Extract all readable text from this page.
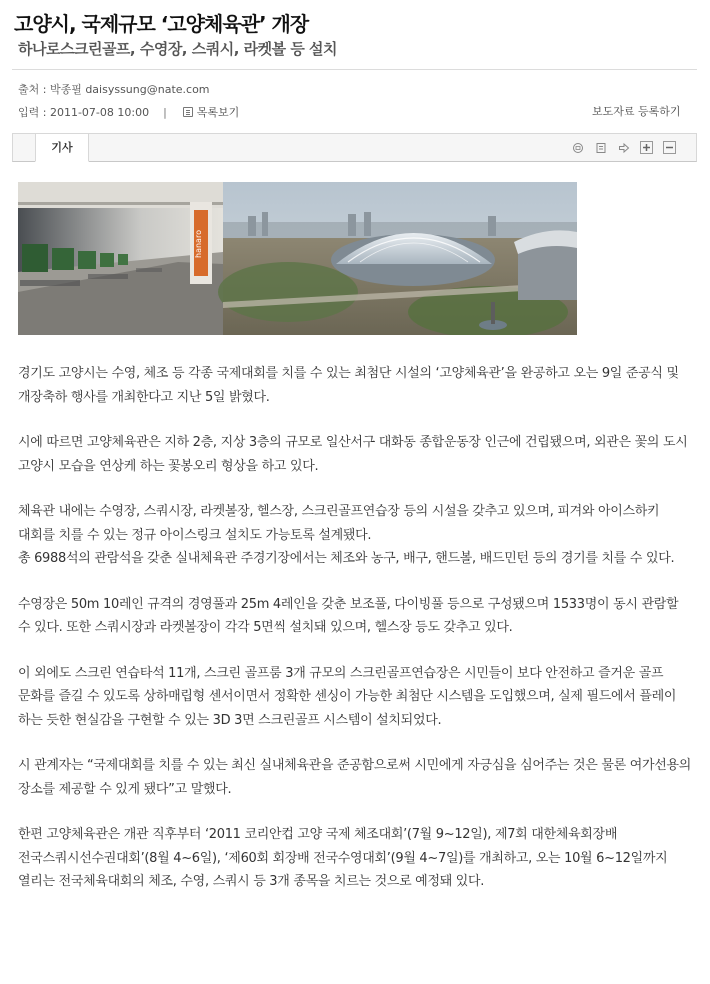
고양시, 국제규모 ‘고양체육관’ 개장
하나로스크린골프, 수영장, 스쿼시, 라켓볼 등 설치
출처 : 박종필 daisyssung@nate.com
입력 : 2011-07-08 10:00 |	목록보기	보도자료 등록하기
기사
hanaro

경기도 고양시는 수영, 체조 등 각종 국제대회를 치를 수 있는 최첨단 시설의 ‘고양체육관’을 완공하고 오는 9일 준공식 및 개장축하 행사를 개최한다고 지난 5일 밝혔다.

시에 따르면 고양체육관은 지하 2층, 지상 3층의 규모로 일산서구 대화동 종합운동장 인근에 건립됐으며, 외관은 꽃의 도시 고양시 모습을 연상케 하는 꽃봉오리 형상을 하고 있다.

체육관 내에는 수영장, 스쿼시장, 라켓볼장, 헬스장, 스크린골프연습장 등의 시설을 갖추고 있으며, 피겨와 아이스하키 대회를 치를 수 있는 정규 아이스링크 설치도 가능토록 설계됐다.
총 6988석의 관람석을 갖춘 실내체육관 주경기장에서는 체조와 농구, 배구, 핸드볼, 배드민턴 등의 경기를 치를 수 있다.

수영장은 50m 10레인 규격의 경영풀과 25m 4레인을 갖춘 보조풀, 다이빙풀 등으로 구성됐으며 1533명이 동시 관람할 수 있다. 또한 스쿼시장과 라켓볼장이 각각 5면씩 설치돼 있으며, 헬스장 등도 갖추고 있다.

이 외에도 스크린 연습타석 11개, 스크린 골프룸 3개 규모의 스크린골프연습장은 시민들이 보다 안전하고 즐거운 골프 문화를 즐길 수 있도록 상하매립형 센서이면서 정확한 센싱이 가능한 최첨단 시스템을 도입했으며, 실제 필드에서 플레이 하는 듯한 현실감을 구현할 수 있는 3D 3면 스크린골프 시스템이 설치되었다.

시 관계자는 “국제대회를 치를 수 있는 최신 실내체육관을 준공함으로써 시민에게 자긍심을 심어주는 것은 물론 여가선용의 장소를 제공할 수 있게 됐다”고 말했다.

한편 고양체육관은 개관 직후부터 ‘2011 코리안컵 고양 국제 체조대회’(7월 9~12일), 제7회 대한체육회장배 전국스쿼시선수권대회’(8월 4~6일), ‘제60회 회장배 전국수영대회’(9월 4~7일)를 개최하고, 오는 10월 6~12일까지 열리는 전국체육대회의 체조, 수영, 스쿼시 등 3개 종목을 치르는 것으로 예정돼 있다.
